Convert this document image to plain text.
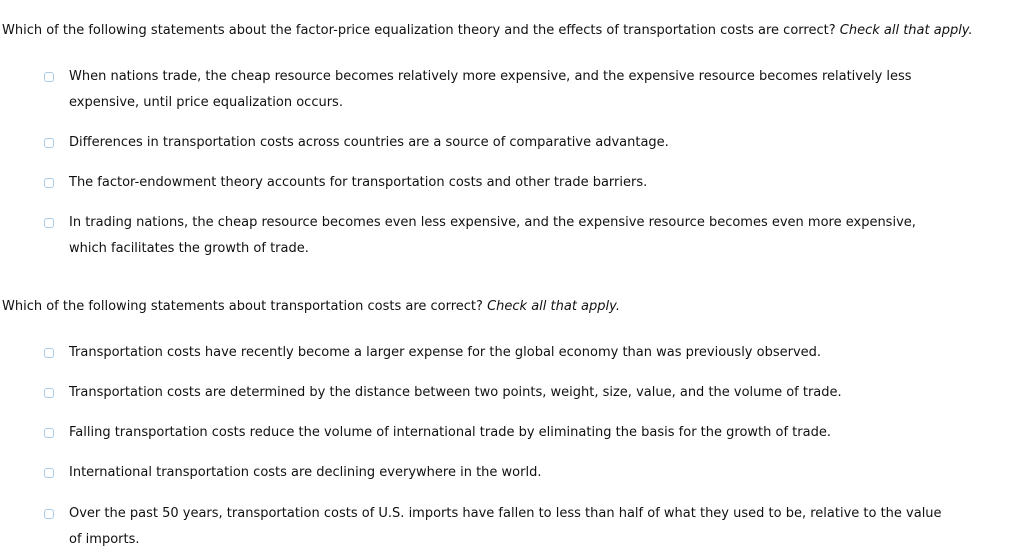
Which of the following statements about the factor-price equalization theory and the effects of transportation costs are correct? Check all that apply.

When nations trade, the cheap resource becomes relatively more expensive, and the expensive resource becomes relatively less expensive, until price equalization occurs.
Differences in transportation costs across countries are a source of comparative advantage.
The factor-endowment theory accounts for transportation costs and other trade barriers.
In trading nations, the cheap resource becomes even less expensive, and the expensive resource becomes even more expensive, which facilitates the growth of trade.

Which of the following statements about transportation costs are correct? Check all that apply.

Transportation costs have recently become a larger expense for the global economy than was previously observed.
Transportation costs are determined by the distance between two points, weight, size, value, and the volume of trade.
Falling transportation costs reduce the volume of international trade by eliminating the basis for the growth of trade.
International transportation costs are declining everywhere in the world.
Over the past 50 years, transportation costs of U.S. imports have fallen to less than half of what they used to be, relative to the value of imports.
